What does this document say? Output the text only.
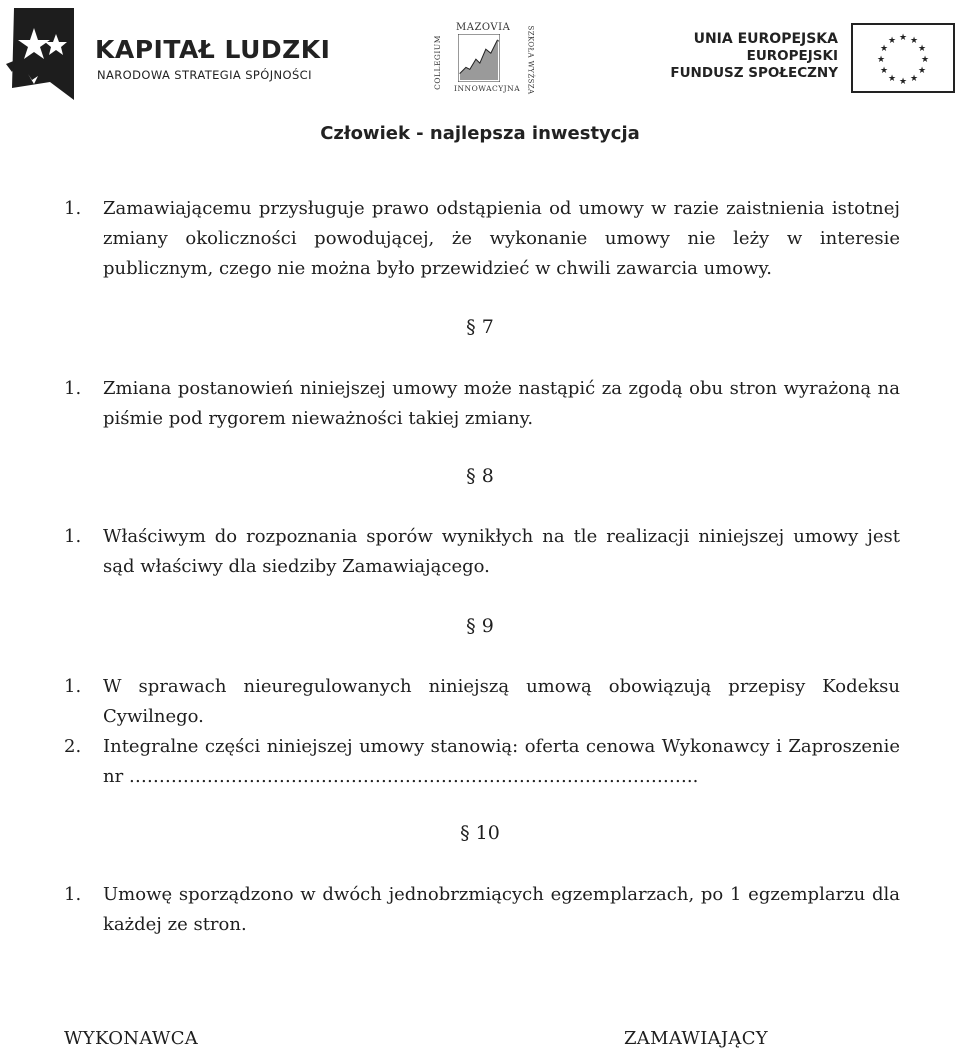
KAPITAŁ LUDZKI
NARODOWA STRATEGIA SPÓJNOŚCI
MAZOVIA
COLLEGIUM	SZKOŁA WYŻSZA
INNOWACYJNA
UNIA EUROPEJSKA
EUROPEJSKI
FUNDUSZ SPOŁECZNY
★ ★
★
★
★
★
★
★
★
★
★
★
Człowiek - najlepsza inwestycja
1. Zamawiającemu przysługuje prawo odstąpienia od umowy w razie zaistnienia istotnej zmiany okoliczności powodującej, że wykonanie umowy nie leży w interesie publicznym, czego nie można było przewidzieć w chwili zawarcia umowy.
§ 7
1. Zmiana postanowień niniejszej umowy może nastąpić za zgodą obu stron wyrażoną na piśmie pod rygorem nieważności takiej zmiany.
§ 8
1. Właściwym do rozpoznania sporów wynikłych na tle realizacji niniejszej umowy jest sąd właściwy dla siedziby Zamawiającego.
§ 9
1. W sprawach nieuregulowanych niniejszą umową obowiązują przepisy Kodeksu Cywilnego.
2. Integralne części niniejszej umowy stanowią: oferta cenowa Wykonawcy i Zaproszenie nr …………………………………………………………………………………..
§ 10
1. Umowę sporządzono w dwóch jednobrzmiących egzemplarzach, po 1 egzemplarzu dla każdej ze stron.
WYKONAWCA	ZAMAWIAJĄCY
